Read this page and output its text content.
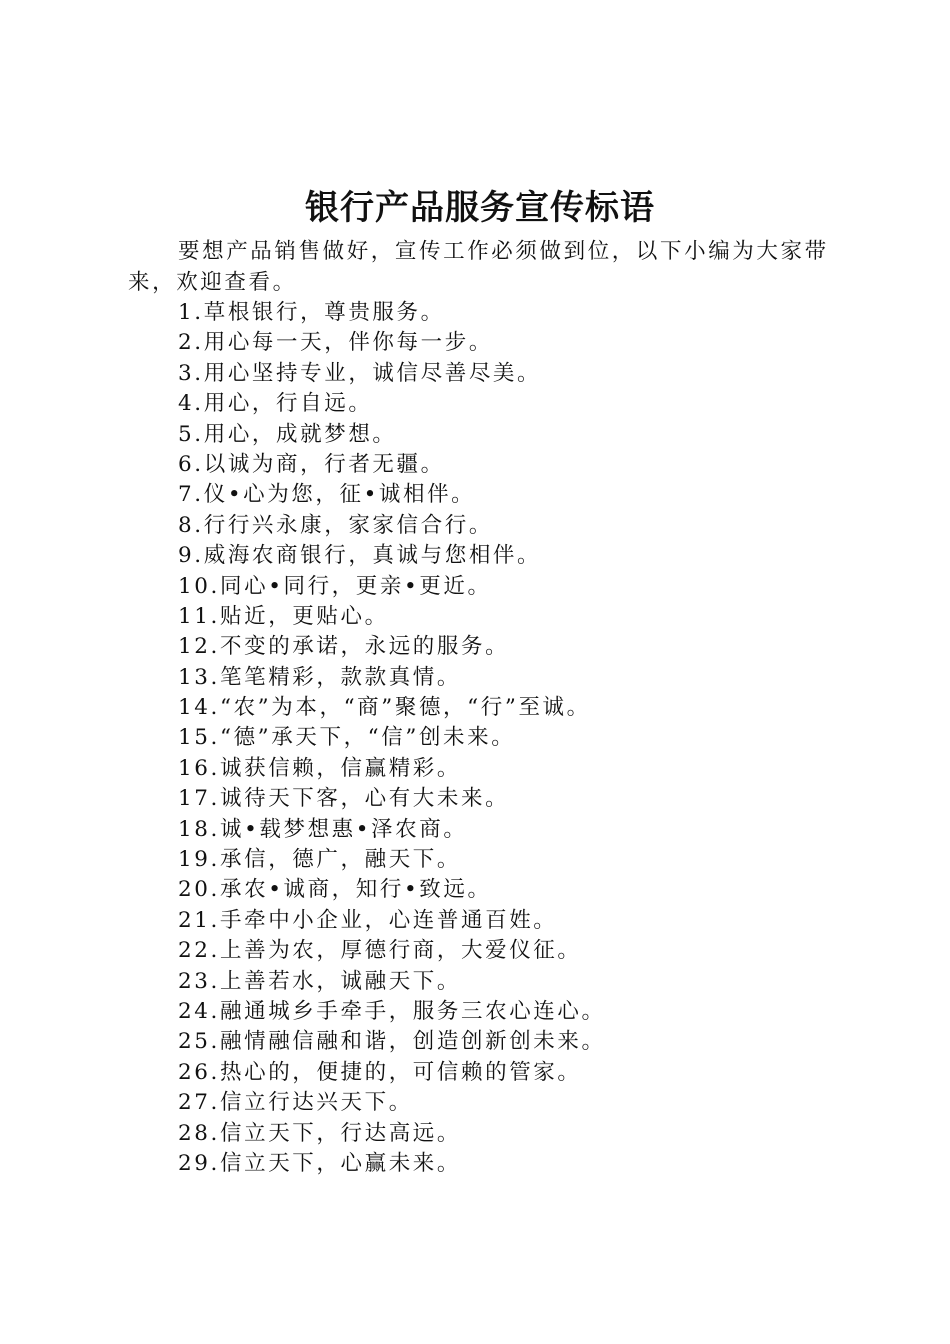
银行产品服务宣传标语
要想产品销售做好，宣传工作必须做到位，以下小编为大家带来，欢迎查看。
1.草根银行，尊贵服务。
2.用心每一天，伴你每一步。
3.用心坚持专业，诚信尽善尽美。
4.用心，行自远。
5.用心，成就梦想。
6.以诚为商，行者无疆。
7.仪•心为您，征•诚相伴。
8.行行兴永康，家家信合行。
9.威海农商银行，真诚与您相伴。
10.同心•同行，更亲•更近。
11.贴近，更贴心。
12.不变的承诺，永远的服务。
13.笔笔精彩，款款真情。
14.“农”为本，“商”聚德，“行”至诚。
15.“德”承天下，“信”创未来。
16.诚获信赖，信赢精彩。
17.诚待天下客，心有大未来。
18.诚•载梦想惠•泽农商。
19.承信，德广，融天下。
20.承农•诚商，知行•致远。
21.手牵中小企业，心连普通百姓。
22.上善为农，厚德行商，大爱仪征。
23.上善若水，诚融天下。
24.融通城乡手牵手，服务三农心连心。
25.融情融信融和谐，创造创新创未来。
26.热心的，便捷的，可信赖的管家。
27.信立行达兴天下。
28.信立天下，行达高远。
29.信立天下，心赢未来。
